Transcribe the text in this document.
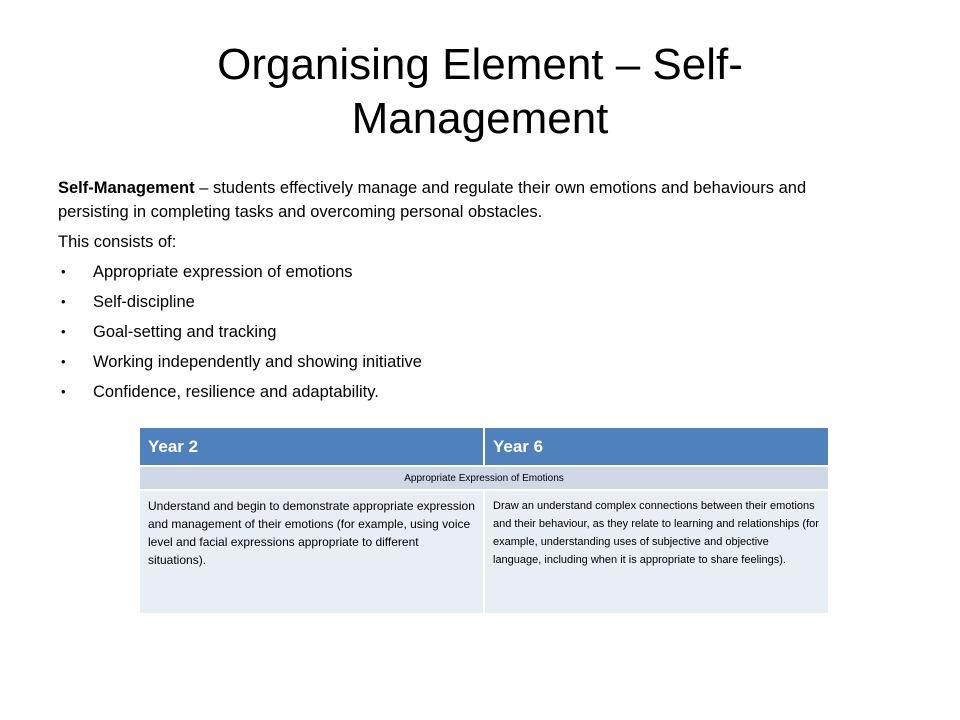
Organising Element – Self-
Management

Self-Management – students effectively manage and regulate their own emotions and behaviours and persisting in completing tasks and overcoming personal obstacles.

This consists of:

• Appropriate expression of emotions
• Self-discipline
• Goal-setting and tracking
• Working independently and showing initiative
• Confidence, resilience and adaptability.
Year 2	Year 6
Appropriate Expression of Emotions	
Understand and begin to demonstrate appropriate expression and management of their emotions (for example, using voice level and facial expressions appropriate to different situations).	Draw an understand complex connections between their emotions and their behaviour, as they relate to learning and relationships (for example, understanding uses of subjective and objective language, including when it is appropriate to share feelings).
